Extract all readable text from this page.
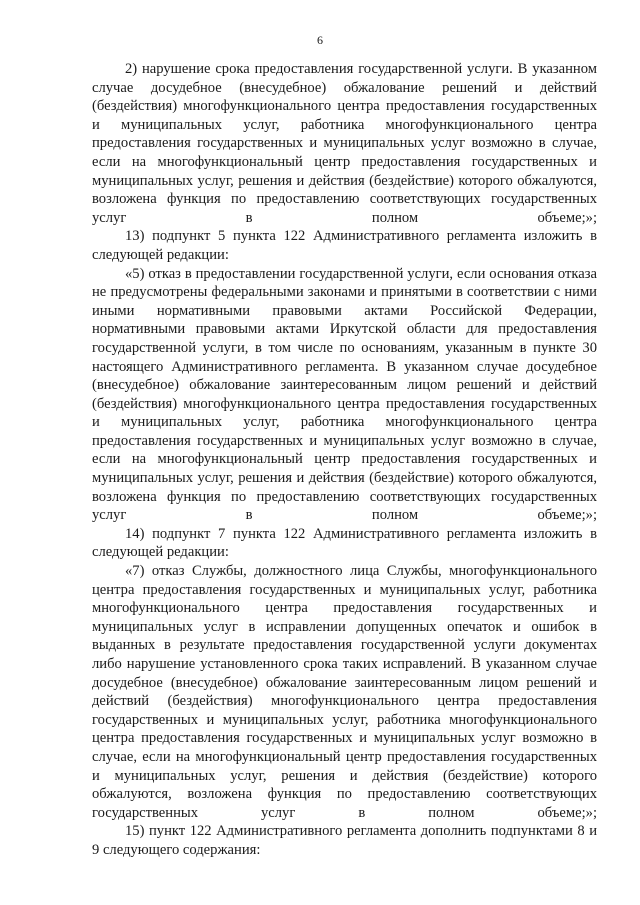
6

2) нарушение срока предоставления государственной услуги. В указанном случае досудебное (внесудебное) обжалование решений и действий (бездействия) многофункционального центра предоставления государственных и муниципальных услуг, работника многофункционального центра предоставления государственных и муниципальных услуг возможно в случае, если на многофункциональный центр предоставления государственных и муниципальных услуг, решения и действия (бездействие) которого обжалуются, возложена функция по предоставлению соответствующих государственных услуг в полном объеме;»;

13) подпункт 5 пункта 122 Административного регламента изложить в следующей редакции:

«5) отказ в предоставлении государственной услуги, если основания отказа не предусмотрены федеральными законами и принятыми в соответствии с ними иными нормативными правовыми актами Российской Федерации, нормативными правовыми актами Иркутской области для предоставления государственной услуги, в том числе по основаниям, указанным в пункте 30 настоящего Административного регламента. В указанном случае досудебное (внесудебное) обжалование заинтересованным лицом решений и действий (бездействия) многофункционального центра предоставления государственных и муниципальных услуг, работника многофункционального центра предоставления государственных и муниципальных услуг возможно в случае, если на многофункциональный центр предоставления государственных и муниципальных услуг, решения и действия (бездействие) которого обжалуются, возложена функция по предоставлению соответствующих государственных услуг в полном объеме;»;

14) подпункт 7 пункта 122 Административного регламента изложить в следующей редакции:

«7) отказ Службы, должностного лица Службы, многофункционального центра предоставления государственных и муниципальных услуг, работника многофункционального центра предоставления государственных и муниципальных услуг в исправлении допущенных опечаток и ошибок в выданных в результате предоставления государственной услуги документах либо нарушение установленного срока таких исправлений. В указанном случае досудебное (внесудебное) обжалование заинтересованным лицом решений и действий (бездействия) многофункционального центра предоставления государственных и муниципальных услуг, работника многофункционального центра предоставления государственных и муниципальных услуг возможно в случае, если на многофункциональный центр предоставления государственных и муниципальных услуг, решения и действия (бездействие) которого обжалуются, возложена функция по предоставлению соответствующих государственных услуг в полном объеме;»;

15) пункт 122 Административного регламента дополнить подпунктами 8 и 9 следующего содержания:
